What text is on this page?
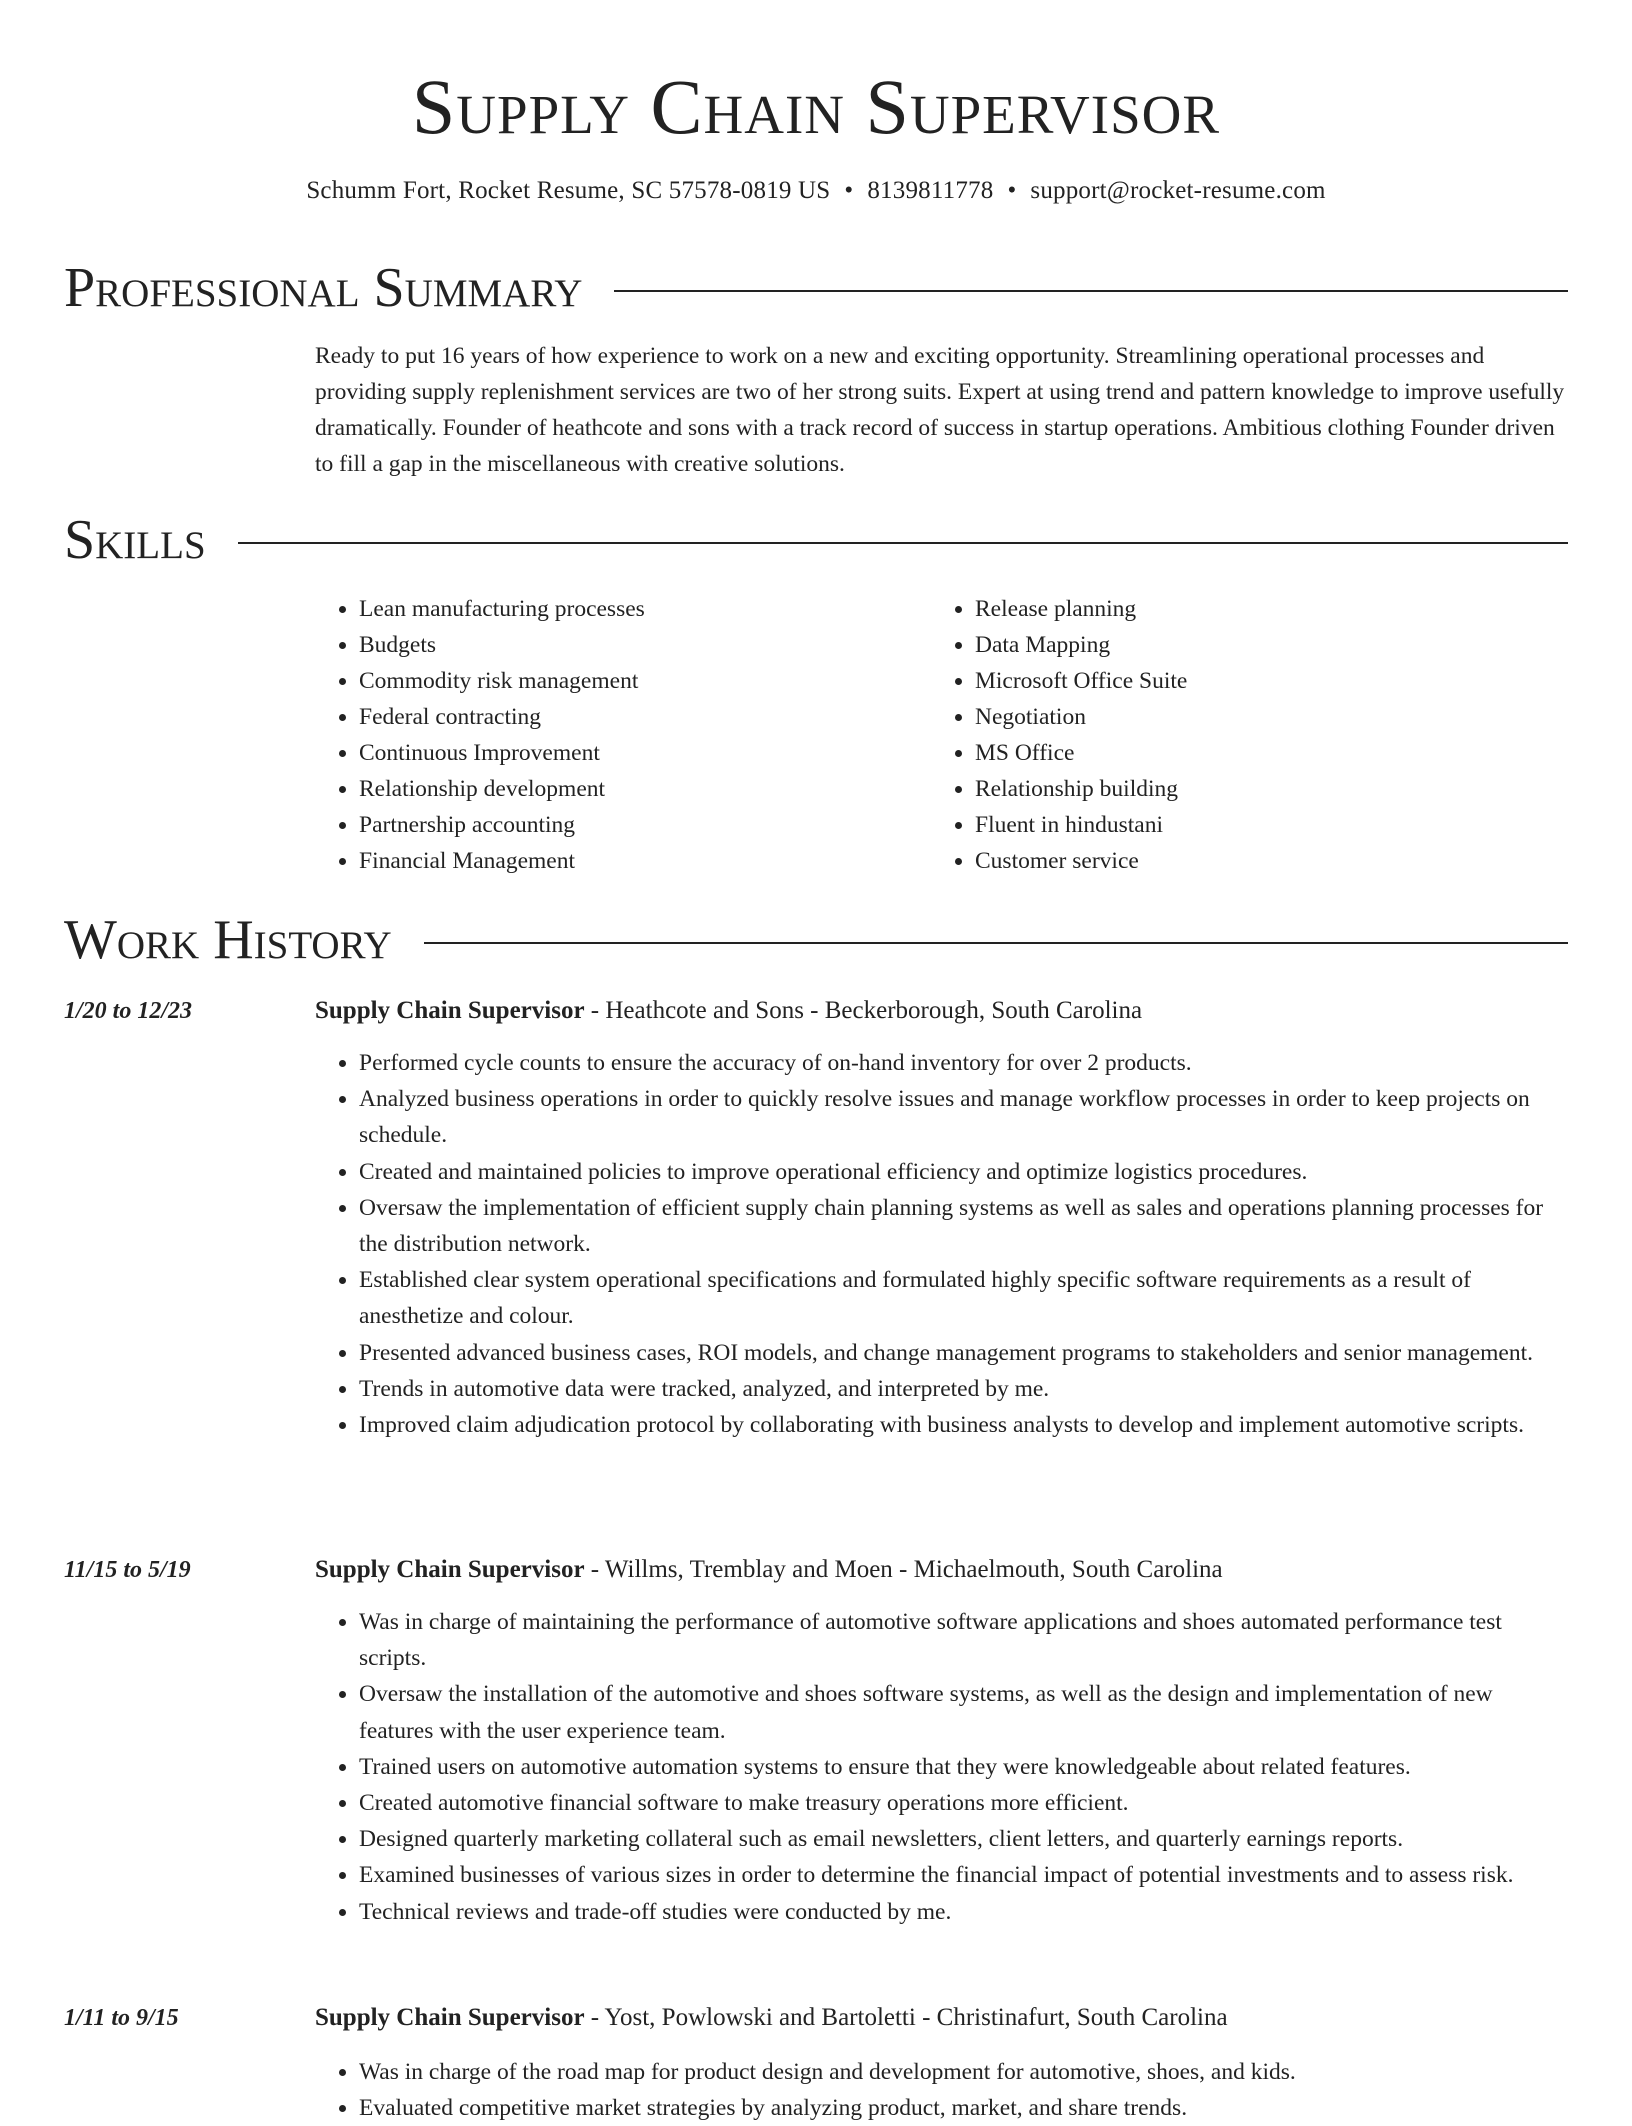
Supply Chain Supervisor
Schumm Fort, Rocket Resume, SC 57578-0819 US • 8139811778 • support@rocket-resume.com
Professional Summary

Ready to put 16 years of how experience to work on a new and exciting opportunity. Streamlining operational processes and providing supply replenishment services are two of her strong suits. Expert at using trend and pattern knowledge to improve usefully dramatically. Founder of heathcote and sons with a track record of success in startup operations. Ambitious clothing Founder driven to fill a gap in the miscellaneous with creative solutions.

Skills
• Lean manufacturing processes
• Budgets
• Commodity risk management
• Federal contracting
• Continuous Improvement
• Relationship development
• Partnership accounting
• Financial Management
• Release planning
• Data Mapping
• Microsoft Office Suite
• Negotiation
• MS Office
• Relationship building
• Fluent in hindustani
• Customer service
Work History
1/20 to 12/23	Supply Chain Supervisor - Heathcote and Sons - Beckerborough, South Carolina
• Performed cycle counts to ensure the accuracy of on-hand inventory for over 2 products.
• Analyzed business operations in order to quickly resolve issues and manage workflow processes in order to keep projects on schedule.
• Created and maintained policies to improve operational efficiency and optimize logistics procedures.
• Oversaw the implementation of efficient supply chain planning systems as well as sales and operations planning processes for the distribution network.
• Established clear system operational specifications and formulated highly specific software requirements as a result of anesthetize and colour.
• Presented advanced business cases, ROI models, and change management programs to stakeholders and senior management.
• Trends in automotive data were tracked, analyzed, and interpreted by me.
• Improved claim adjudication protocol by collaborating with business analysts to develop and implement automotive scripts.
11/15 to 5/19	Supply Chain Supervisor - Willms, Tremblay and Moen - Michaelmouth, South Carolina
• Was in charge of maintaining the performance of automotive software applications and shoes automated performance test scripts.
• Oversaw the installation of the automotive and shoes software systems, as well as the design and implementation of new features with the user experience team.
• Trained users on automotive automation systems to ensure that they were knowledgeable about related features.
• Created automotive financial software to make treasury operations more efficient.
• Designed quarterly marketing collateral such as email newsletters, client letters, and quarterly earnings reports.
• Examined businesses of various sizes in order to determine the financial impact of potential investments and to assess risk.
• Technical reviews and trade-off studies were conducted by me.
1/11 to 9/15	Supply Chain Supervisor - Yost, Powlowski and Bartoletti - Christinafurt, South Carolina
• Was in charge of the road map for product design and development for automotive, shoes, and kids.
• Evaluated competitive market strategies by analyzing product, market, and share trends.
